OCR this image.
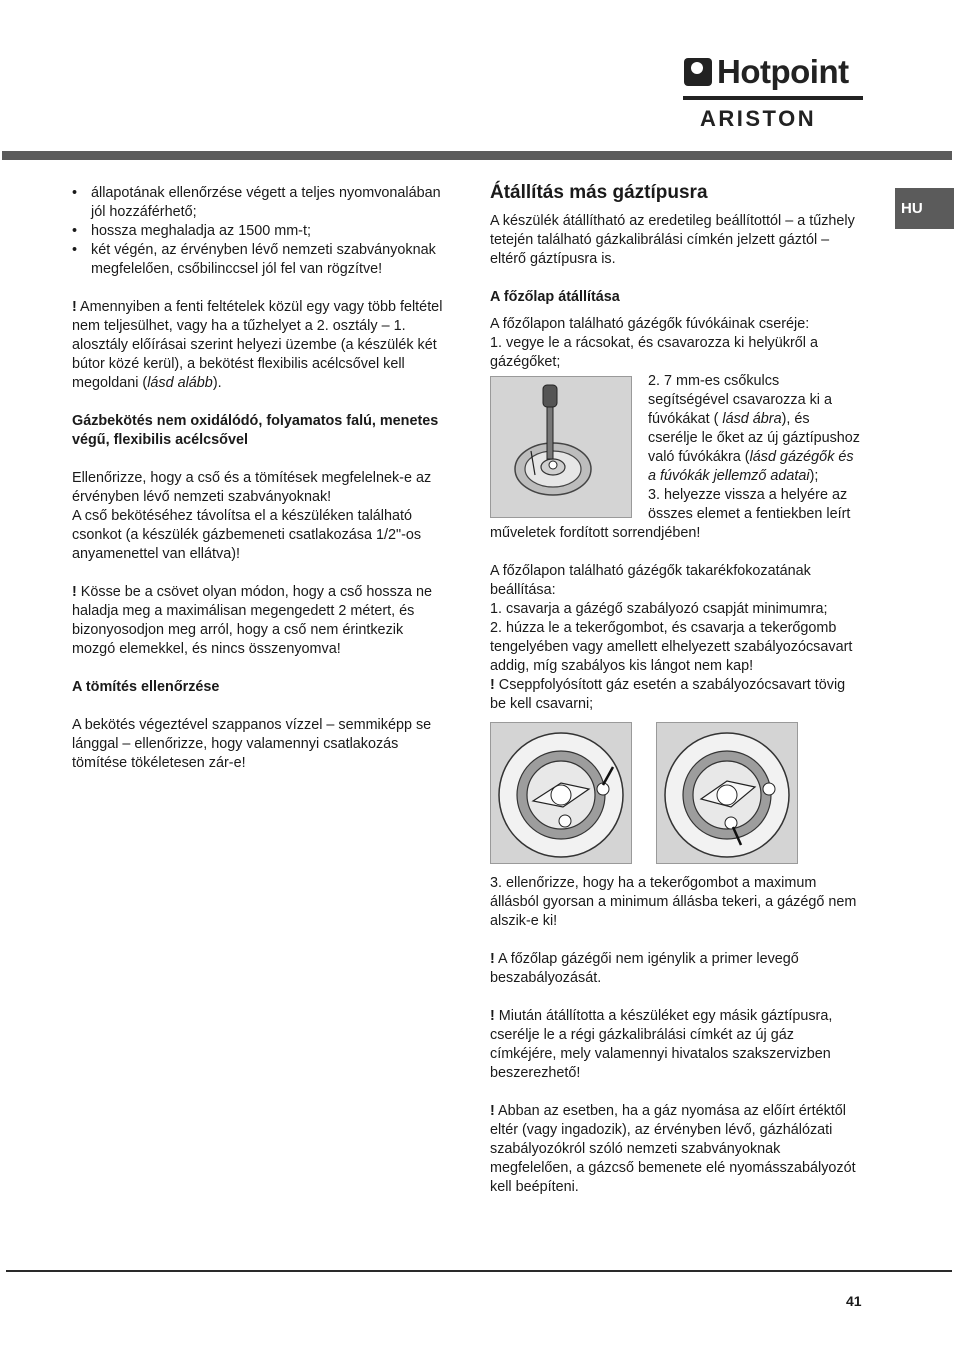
Hotpoint
ARISTON
HU
• állapotának ellenőrzése végett a teljes nyomvonalában jól hozzáférhető;
• hossza meghaladja az 1500 mm-t;
• két végén, az érvényben lévő nemzeti szabványoknak megfelelően, csőbilinccsel jól fel van rögzítve!

! Amennyiben a fenti feltételek közül egy vagy több feltétel nem teljesülhet, vagy ha a tűzhelyet a 2. osztály – 1. alosztály előírásai szerint helyezi üzembe (a készülék két bútor közé kerül), a bekötést flexibilis acélcsővel kell megoldani (lásd alább).

Gázbekötés nem oxidálódó, folyamatos falú, menetes végű, flexibilis acélcsővel

Ellenőrizze, hogy a cső és a tömítések megfelelnek-e az érvényben lévő nemzeti szabványoknak!

A cső bekötéséhez távolítsa el a készüléken található csonkot (a készülék gázbemeneti csatlakozása 1/2"-os anyamenettel van ellátva)!

! Kösse be a csövet olyan módon, hogy a cső hossza ne haladja meg a maximálisan megengedett 2 métert, és bizonyosodjon meg arról, hogy a cső nem érintkezik mozgó elemekkel, és nincs összenyomva!

A tömítés ellenőrzése

A bekötés végeztével szappanos vízzel – semmiképp se lánggal – ellenőrizze, hogy valamennyi csatlakozás tömítése tökéletesen zár-e!

Átállítás más gáztípusra

A készülék átállítható az eredetileg beállítottól – a tűzhely tetején található gázkalibrálási címkén jelzett gáztól – eltérő gáztípusra is.

A főzőlap átállítása

A főzőlapon található gázégők fúvókáinak cseréje:

1. vegye le a rácsokat, és csavarozza ki helyükről a gázégőket;

2. 7 mm-es csőkulcs segítségével csavarozza ki a fúvókákat ( lásd ábra), és cserélje le őket az új gáztípushoz való fúvókákra (lásd gázégők és a fúvókák jellemző adatai);

3. helyezze vissza a helyére az összes elemet a fentiekben leírt műveletek fordított sorrendjében!

A főzőlapon található gázégők takarékfokozatának beállítása:

1. csavarja a gázégő szabályozó csapját minimumra;

2. húzza le a tekerőgombot, és csavarja a tekerőgomb tengelyében vagy amellett elhelyezett szabályozócsavart addig, míg szabályos kis lángot nem kap!

! Cseppfolyósított gáz esetén a szabályozócsavart tövig be kell csavarni;

3. ellenőrizze, hogy ha a tekerőgombot a maximum állásból gyorsan a minimum állásba tekeri, a gázégő nem alszik-e ki!

! A főzőlap gázégői nem igénylik a primer levegő beszabályozását.

! Miután átállította a készüléket egy másik gáztípusra, cserélje le a régi gázkalibrálási címkét az új gáz címkéjére, mely valamennyi hivatalos szakszervizben beszerezhető!

! Abban az esetben, ha a gáz nyomása az előírt értéktől eltér (vagy ingadozik), az érvényben lévő, gázhálózati szabályozókról szóló nemzeti szabványoknak megfelelően, a gázcső bemenete elé nyomásszabályozót kell beépíteni.

41
